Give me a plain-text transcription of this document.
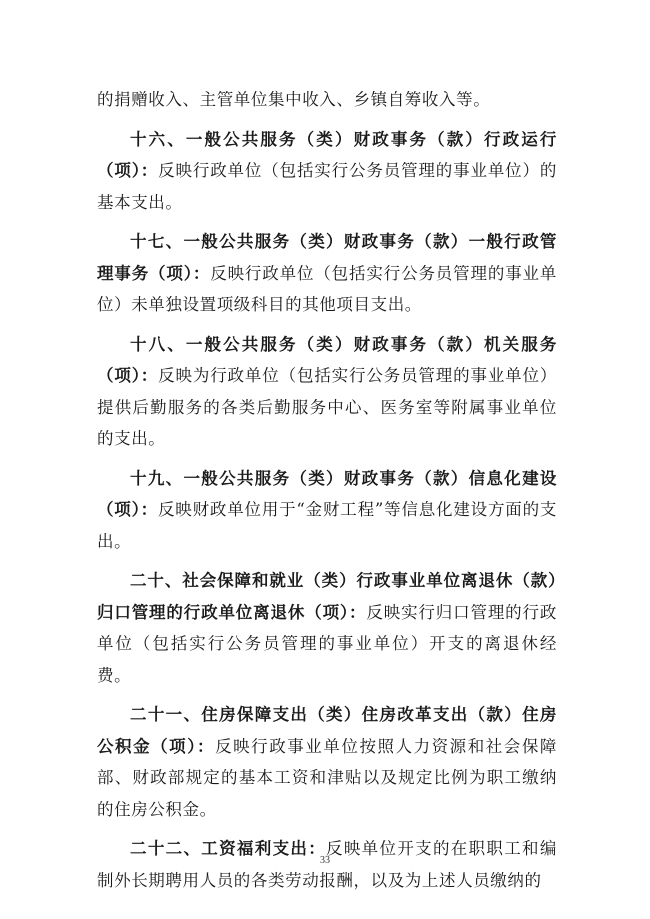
的捐赠收入、主管单位集中收入、乡镇自筹收入等。

十六、一般公共服务（类）财政事务（款）行政运行（项）：反映行政单位（包括实行公务员管理的事业单位）的基本支出。

十七、一般公共服务（类）财政事务（款）一般行政管理事务（项）：反映行政单位（包括实行公务员管理的事业单位）未单独设置项级科目的其他项目支出。

十八、一般公共服务（类）财政事务（款）机关服务（项）：反映为行政单位（包括实行公务员管理的事业单位）提供后勤服务的各类后勤服务中心、医务室等附属事业单位的支出。

十九、一般公共服务（类）财政事务（款）信息化建设（项）：反映财政单位用于“金财工程”等信息化建设方面的支出。

二十、社会保障和就业（类）行政事业单位离退休（款）归口管理的行政单位离退休（项）：反映实行归口管理的行政单位（包括实行公务员管理的事业单位）开支的离退休经费。

二十一、住房保障支出（类）住房改革支出（款）住房公积金（项）：反映行政事业单位按照人力资源和社会保障部、财政部规定的基本工资和津贴以及规定比例为职工缴纳的住房公积金。

二十二、工资福利支出：反映单位开支的在职职工和编制外长期聘用人员的各类劳动报酬，以及为上述人员缴纳的

33
